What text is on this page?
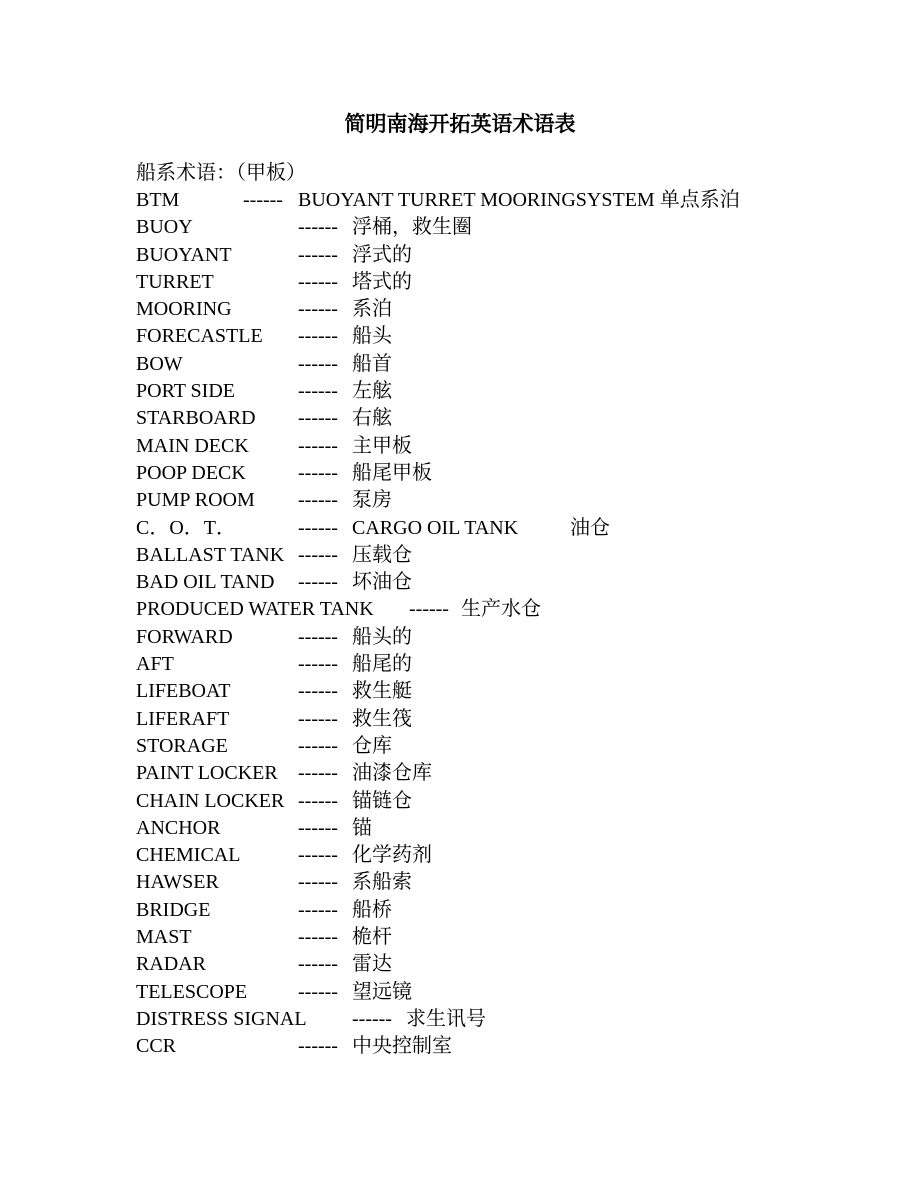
简明南海开拓英语术语表
船系术语：（甲板）
BTM	------ BUOYANT TURRET MOORINGSYSTEM 单点系泊
BUOY	------ 浮桶，救生圈
BUOYANT	------ 浮式的
TURRET	------ 塔式的
MOORING	------ 系泊
FORECASTLE ------ 船头
BOW	------ 船首
PORT SIDE	------ 左舷
STARBOARD ------ 右舷
MAIN DECK ------ 主甲板
POOP DECK	------ 船尾甲板
PUMP ROOM ------ 泵房
C．O．T．	------ CARGO OIL TANK	油仓
BALLAST TANK ------ 压载仓
BAD OIL TAND ------ 坏油仓
PRODUCED WATER TANK ------ 生产水仓
FORWARD	------ 船头的
AFT	------ 船尾的
LIFEBOAT	------ 救生艇
LIFERAFT	------ 救生筏
STORAGE	------ 仓库
PAINT LOCKER ------ 油漆仓库
CHAIN LOCKER ------ 锚链仓
ANCHOR	------ 锚
CHEMICAL	------ 化学药剂
HAWSER	------ 系船索
BRIDGE	------ 船桥
MAST	------ 桅杆
RADAR	------ 雷达
TELESCOPE	------ 望远镜
DISTRESS SIGNAL ------ 求生讯号
CCR	------ 中央控制室
